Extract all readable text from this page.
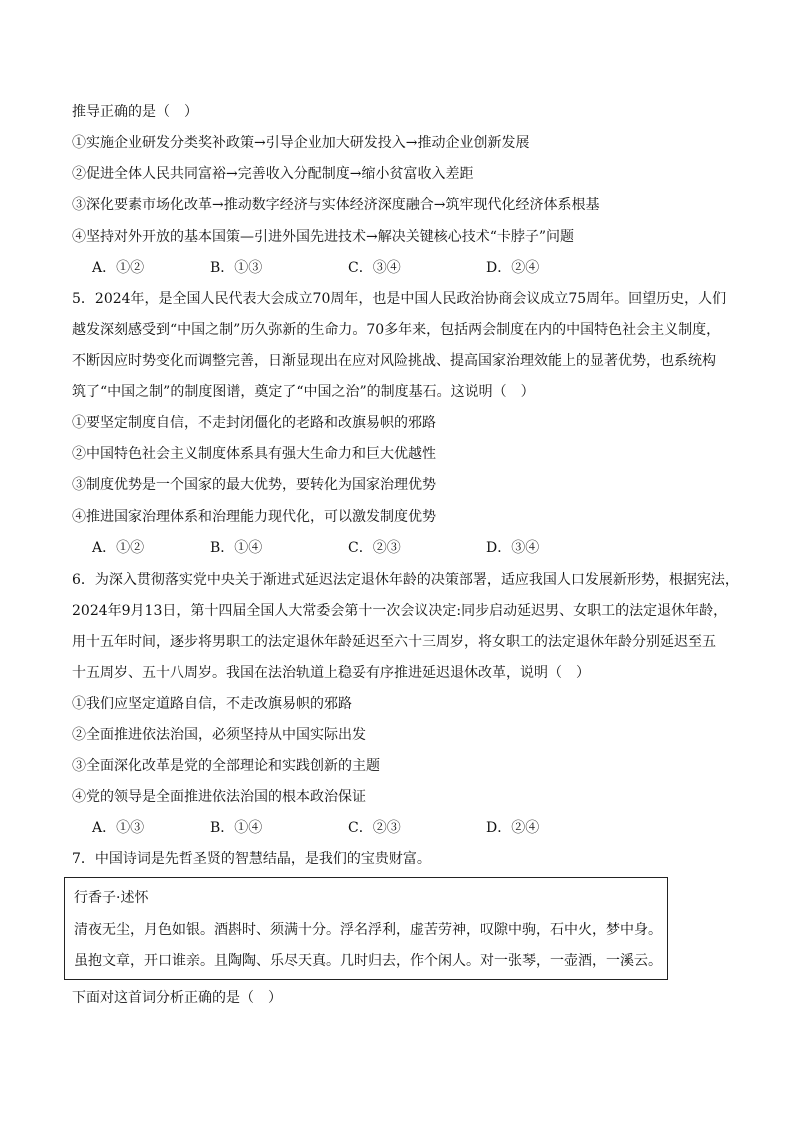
推导正确的是（　）
①实施企业研发分类奖补政策→引导企业加大研发投入→推动企业创新发展
②促进全体人民共同富裕→完善收入分配制度→缩小贫富收入差距
③深化要素市场化改革→推动数字经济与实体经济深度融合→筑牢现代化经济体系根基
④坚持对外开放的基本国策—引进外国先进技术→解决关键核心技术“卡脖子”问题
A．①②	B．①③	C．③④	D．②④
5．2024年，是全国人民代表大会成立70周年，也是中国人民政治协商会议成立75周年。回望历史，人们
越发深刻感受到“中国之制”历久弥新的生命力。70多年来，包括两会制度在内的中国特色社会主义制度，
不断因应时势变化而调整完善，日渐显现出在应对风险挑战、提高国家治理效能上的显著优势，也系统构
筑了“中国之制”的制度图谱，奠定了“中国之治”的制度基石。这说明（　）
①要坚定制度自信，不走封闭僵化的老路和改旗易帜的邪路
②中国特色社会主义制度体系具有强大生命力和巨大优越性
③制度优势是一个国家的最大优势，要转化为国家治理优势
④推进国家治理体系和治理能力现代化，可以激发制度优势
A．①②	B．①④	C．②③	D．③④
6．为深入贯彻落实党中央关于渐进式延迟法定退休年龄的决策部署，适应我国人口发展新形势，根据宪法，
2024年9月13日，第十四届全国人大常委会第十一次会议决定:同步启动延迟男、女职工的法定退休年龄，
用十五年时间，逐步将男职工的法定退休年龄延迟至六十三周岁，将女职工的法定退休年龄分别延迟至五
十五周岁、五十八周岁。我国在法治轨道上稳妥有序推进延迟退休改革，说明（　）
①我们应坚定道路自信，不走改旗易帜的邪路
②全面推进依法治国，必须坚持从中国实际出发
③全面深化改革是党的全部理论和实践创新的主题
④党的领导是全面推进依法治国的根本政治保证
A．①③	B．①④	C．②③	D．②④
7．中国诗词是先哲圣贤的智慧结晶，是我们的宝贵财富。
行香子·述怀
清夜无尘，月色如银。酒斟时、须满十分。浮名浮利，虚苦劳神，叹隙中驹，石中火，梦中身。
虽抱文章，开口谁亲。且陶陶、乐尽天真。几时归去，作个闲人。对一张琴，一壶酒，一溪云。
下面对这首词分析正确的是（　）
